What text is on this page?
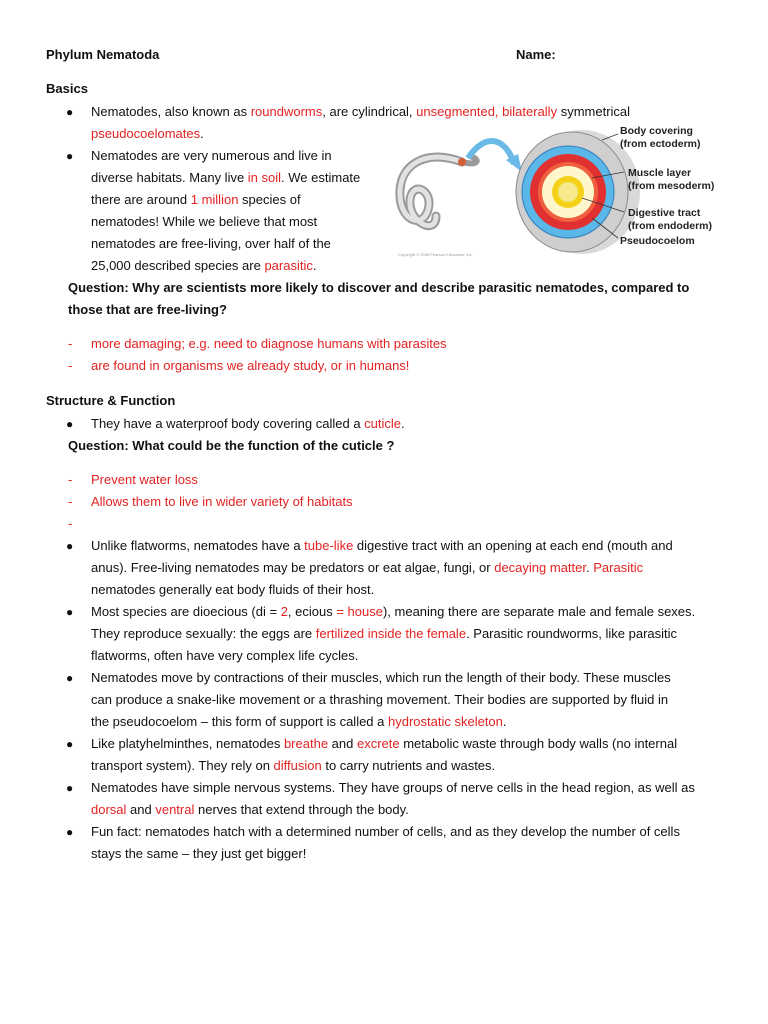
Phylum Nematoda	Name:
Basics
● Nematodes, also known as roundworms, are cylindrical, unsegmented, bilaterally symmetrical
pseudocoelomates.
● Nematodes are very numerous and live in
diverse habitats. Many live in soil. We estimate
there are around 1 million species of
nematodes! While we believe that most
nematodes are free-living, over half of the
25,000 described species are parasitic.
Question: Why are scientists more likely to discover and describe parasitic nematodes, compared to
those that are free-living?
- more damaging; e.g. need to diagnose humans with parasites
- are found in organisms we already study, or in humans!
Structure & Function
● They have a waterproof body covering called a cuticle.
Question: What could be the function of the cuticle ?
- Prevent water loss
- Allows them to live in wider variety of habitats
-
● Unlike flatworms, nematodes have a tube-like digestive tract with an opening at each end (mouth and
anus). Free-living nematodes may be predators or eat algae, fungi, or decaying matter. Parasitic
nematodes generally eat body fluids of their host.
● Most species are dioecious (di = 2, ecious = house), meaning there are separate male and female sexes.
They reproduce sexually: the eggs are fertilized inside the female. Parasitic roundworms, like parasitic
flatworms, often have very complex life cycles.
● Nematodes move by contractions of their muscles, which run the length of their body. These muscles
can produce a snake-like movement or a thrashing movement. Their bodies are supported by fluid in
the pseudocoelom – this form of support is called a hydrostatic skeleton.
● Like platyhelminthes, nematodes breathe and excrete metabolic waste through body walls (no internal
transport system). They rely on diffusion to carry nutrients and wastes.
● Nematodes have simple nervous systems. They have groups of nerve cells in the head region, as well as
dorsal and ventral nerves that extend through the body.
● Fun fact: nematodes hatch with a determined number of cells, and as they develop the number of cells
stays the same – they just get bigger!
Body covering
(from ectoderm)
Muscle layer
(from mesoderm)
Digestive tract
(from endoderm)
Pseudocoelom
Copyright © 2008 Pearson Education, Inc.
